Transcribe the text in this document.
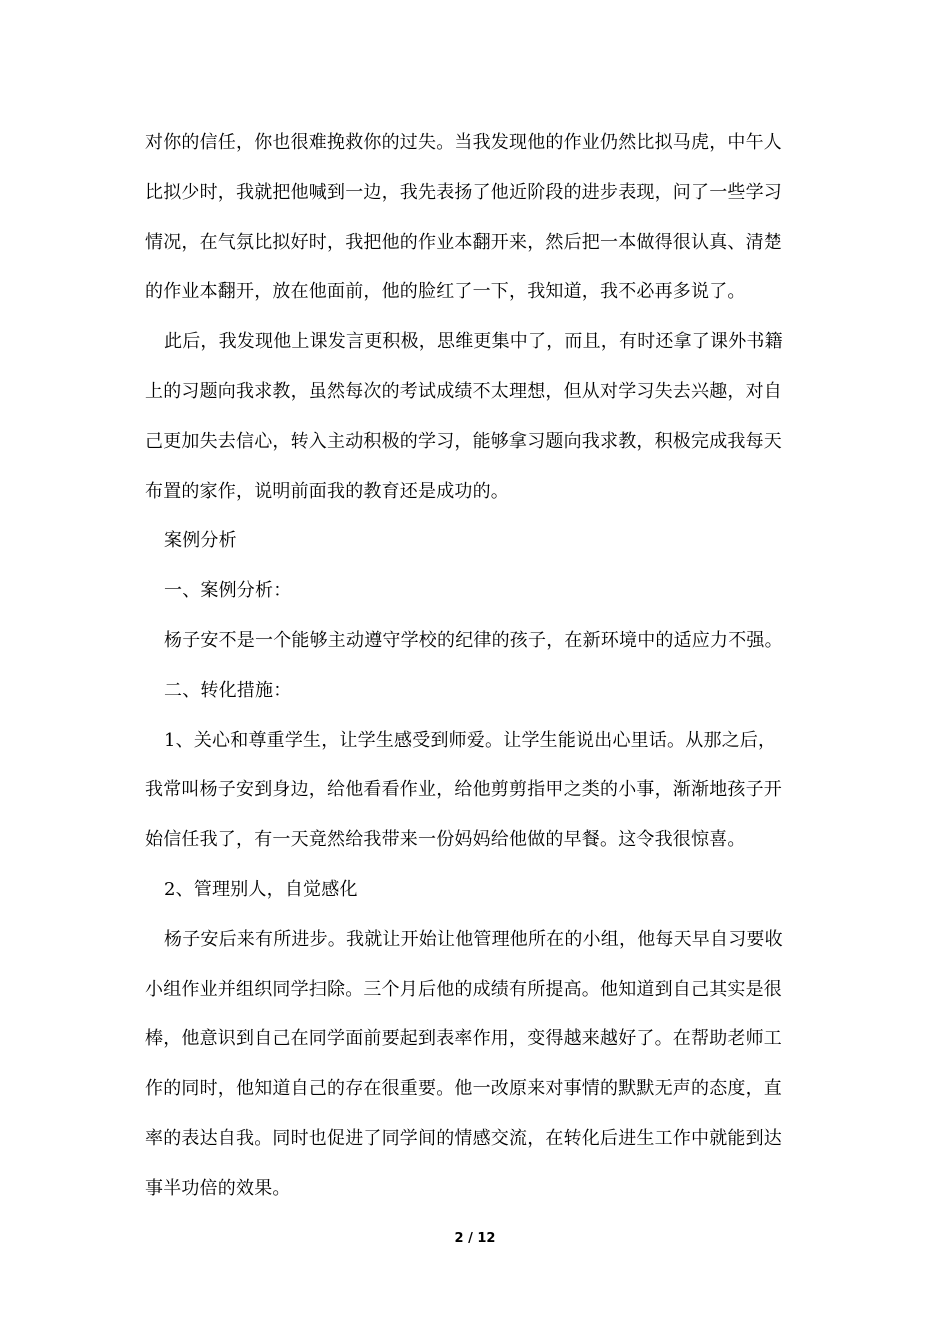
对你的信任，你也很难挽救你的过失。当我发现他的作业仍然比拟马虎，中午人
比拟少时，我就把他喊到一边，我先表扬了他近阶段的进步表现，问了一些学习
情况，在气氛比拟好时，我把他的作业本翻开来，然后把一本做得很认真、清楚
的作业本翻开，放在他面前，他的脸红了一下，我知道，我不必再多说了。
此后，我发现他上课发言更积极，思维更集中了，而且，有时还拿了课外书籍
上的习题向我求教，虽然每次的考试成绩不太理想，但从对学习失去兴趣，对自
己更加失去信心，转入主动积极的学习，能够拿习题向我求教，积极完成我每天
布置的家作，说明前面我的教育还是成功的。
案例分析
一、案例分析：
杨子安不是一个能够主动遵守学校的纪律的孩子，在新环境中的适应力不强。
二、转化措施：
1、关心和尊重学生，让学生感受到师爱。让学生能说出心里话。从那之后，
我常叫杨子安到身边，给他看看作业，给他剪剪指甲之类的小事，渐渐地孩子开
始信任我了，有一天竟然给我带来一份妈妈给他做的早餐。这令我很惊喜。
2、管理别人，自觉感化
杨子安后来有所进步。我就让开始让他管理他所在的小组，他每天早自习要收
小组作业并组织同学扫除。三个月后他的成绩有所提高。他知道到自己其实是很
棒，他意识到自己在同学面前要起到表率作用，变得越来越好了。在帮助老师工
作的同时，他知道自己的存在很重要。他一改原来对事情的默默无声的态度，直
率的表达自我。同时也促进了同学间的情感交流，在转化后进生工作中就能到达
事半功倍的效果。
2 / 12
